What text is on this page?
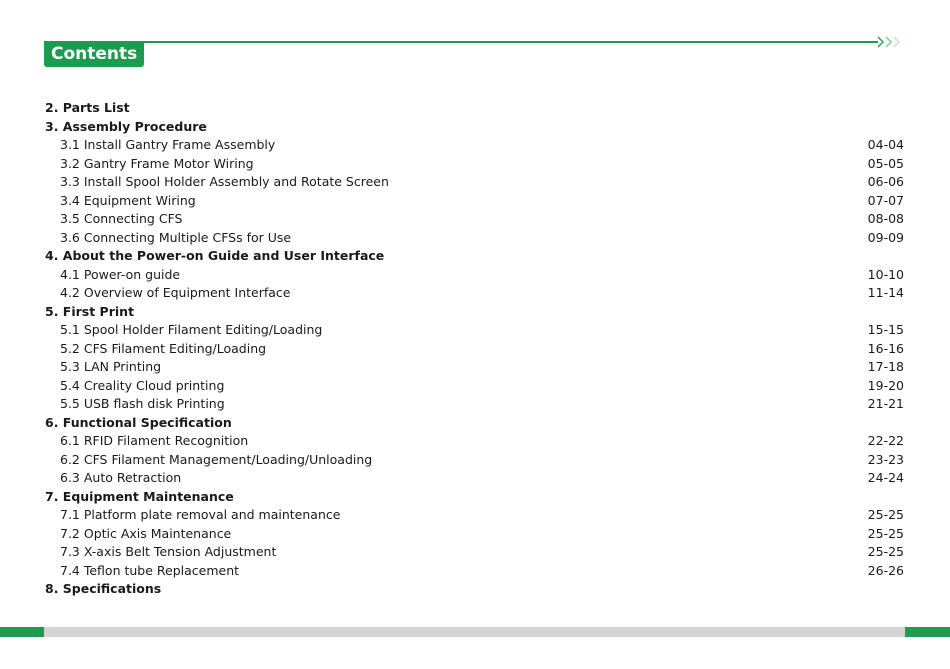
Contents
2. Parts List
3. Assembly Procedure
3.1 Install Gantry Frame Assembly	04-04
3.2 Gantry Frame Motor Wiring	05-05
3.3 Install Spool Holder Assembly and Rotate Screen	06-06
3.4 Equipment Wiring	07-07
3.5 Connecting CFS	08-08
3.6 Connecting Multiple CFSs for Use	09-09
4. About the Power-on Guide and User Interface
4.1 Power-on guide	10-10
4.2 Overview of Equipment Interface	11-14
5. First Print
5.1 Spool Holder Filament Editing/Loading	15-15
5.2 CFS Filament Editing/Loading	16-16
5.3 LAN Printing	17-18
5.4 Creality Cloud printing	19-20
5.5 USB flash disk Printing	21-21
6. Functional Specification
6.1 RFID Filament Recognition	22-22
6.2 CFS Filament Management/Loading/Unloading	23-23
6.3 Auto Retraction	24-24
7. Equipment Maintenance
7.1 Platform plate removal and maintenance	25-25
7.2 Optic Axis Maintenance	25-25
7.3 X-axis Belt Tension Adjustment	25-25
7.4 Teflon tube Replacement	26-26
8. Specifications
